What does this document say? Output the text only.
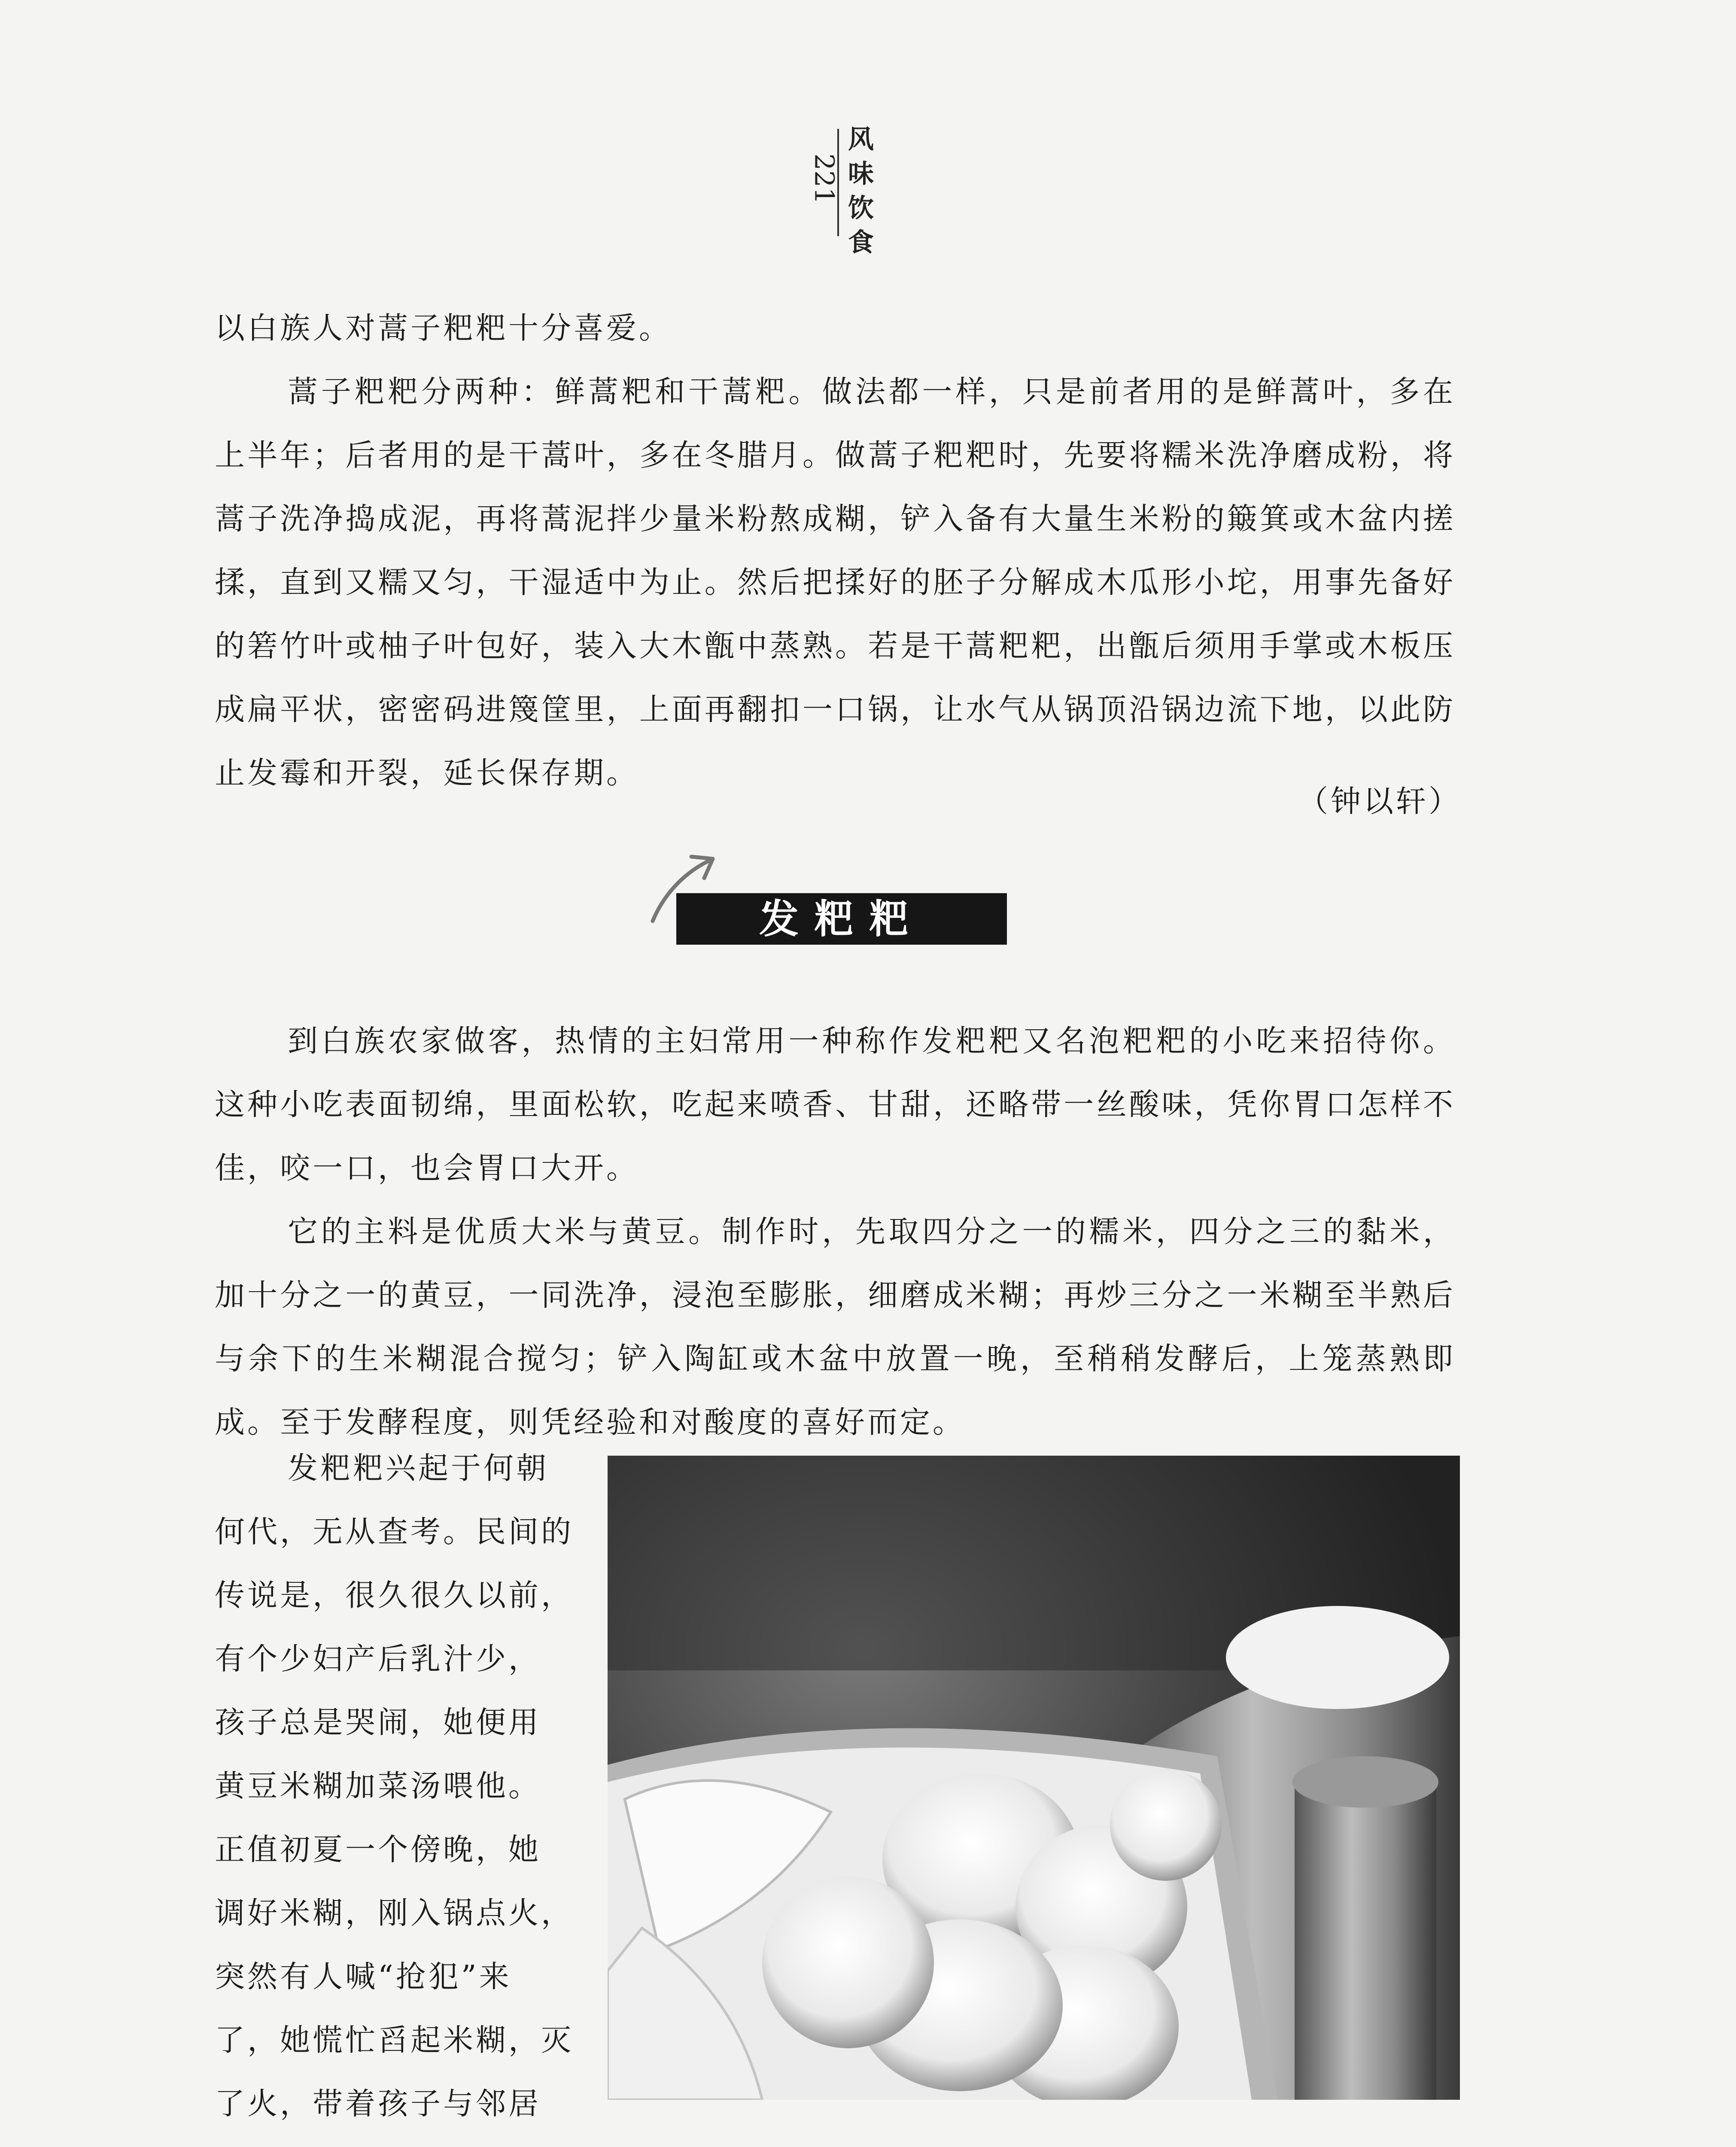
风
味
饮
食
221

以白族人对蒿子粑粑十分喜爱。

蒿子粑粑分两种：鲜蒿粑和干蒿粑。做法都一样，只是前者用的是鲜蒿叶，多在上半年；后者用的是干蒿叶，多在冬腊月。做蒿子粑粑时，先要将糯米洗净磨成粉，将蒿子洗净捣成泥，再将蒿泥拌少量米粉熬成糊，铲入备有大量生米粉的簸箕或木盆内搓揉，直到又糯又匀，干湿适中为止。然后把揉好的胚子分解成木瓜形小坨，用事先备好的箬竹叶或柚子叶包好，装入大木甑中蒸熟。若是干蒿粑粑，出甑后须用手掌或木板压成扁平状，密密码进篾筐里，上面再翻扣一口锅，让水气从锅顶沿锅边流下地，以此防止发霉和开裂，延长保存期。

（钟以轩）
发粑粑

到白族农家做客，热情的主妇常用一种称作发粑粑又名泡粑粑的小吃来招待你。这种小吃表面韧绵，里面松软，吃起来喷香、甘甜，还略带一丝酸味，凭你胃口怎样不佳，咬一口，也会胃口大开。

它的主料是优质大米与黄豆。制作时，先取四分之一的糯米，四分之三的黏米，加十分之一的黄豆，一同洗净，浸泡至膨胀，细磨成米糊；再炒三分之一米糊至半熟后与余下的生米糊混合搅匀；铲入陶缸或木盆中放置一晚，至稍稍发酵后，上笼蒸熟即成。至于发酵程度，则凭经验和对酸度的喜好而定。

发粑粑兴起于何朝
何代，无从查考。民间的
传说是，很久很久以前，
有个少妇产后乳汁少，
孩子总是哭闹，她便用
黄豆米糊加菜汤喂他。
正值初夏一个傍晚，她
调好米糊，刚入锅点火，
突然有人喊“抢犯”来
了，她慌忙舀起米糊，灭
了火，带着孩子与邻居
